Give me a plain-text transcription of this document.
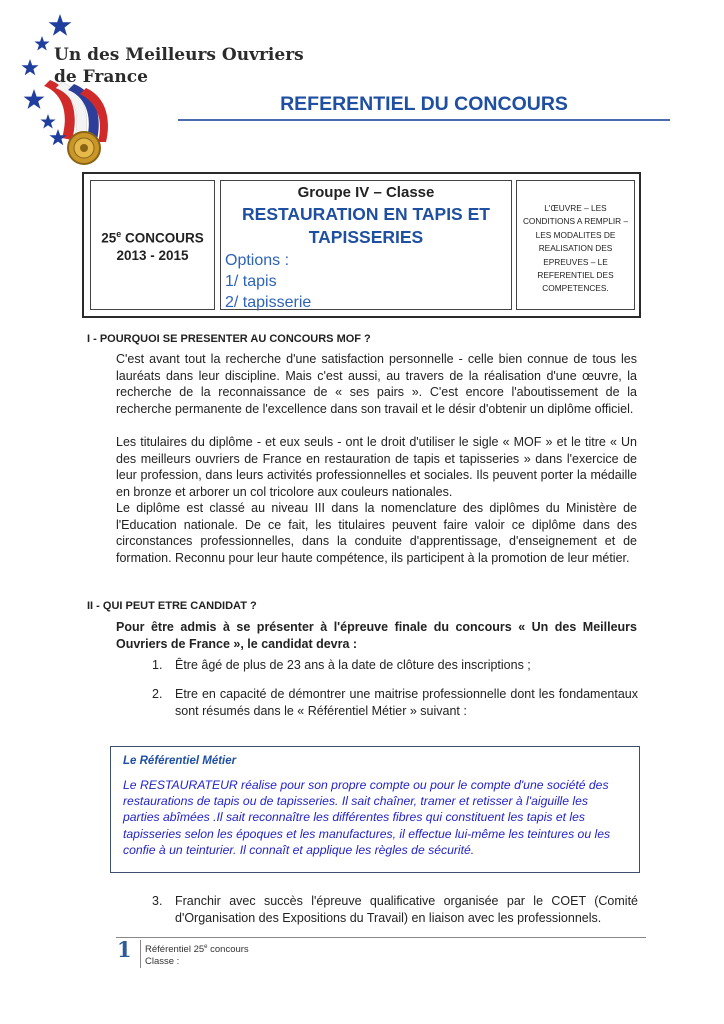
Un des Meilleurs Ouvriers
de France
REFERENTIEL DU CONCOURS
25e CONCOURS
2013 - 2015
Groupe IV – Classe
RESTAURATION EN TAPIS ET
TAPISSERIES
Options :
1/ tapis
2/ tapisserie
L'ŒUVRE – LES
CONDITIONS A REMPLIR –
LES MODALITES DE
REALISATION DES
EPREUVES – LE
REFERENTIEL DES
COMPETENCES.
I - POURQUOI SE PRESENTER AU CONCOURS MOF ?

C'est avant tout la recherche d'une satisfaction personnelle - celle bien connue de tous les lauréats dans leur discipline. Mais c'est aussi, au travers de la réalisation d'une œuvre, la recherche de la reconnaissance de « ses pairs ». C'est encore l'aboutissement de la recherche permanente de l'excellence dans son travail et le désir d'obtenir un diplôme officiel.

Les titulaires du diplôme - et eux seuls - ont le droit d'utiliser le sigle « MOF » et le titre « Un des meilleurs ouvriers de France en restauration de tapis et tapisseries » dans l'exercice de leur profession, dans leurs activités professionnelles et sociales. Ils peuvent porter la médaille en bronze et arborer un col tricolore aux couleurs nationales.

Le diplôme est classé au niveau III dans la nomenclature des diplômes du Ministère de l'Education nationale. De ce fait, les titulaires peuvent faire valoir ce diplôme dans des circonstances professionnelles, dans la conduite d'apprentissage, d'enseignement et de formation. Reconnu pour leur haute compétence, ils participent à la promotion de leur métier.

II - QUI PEUT ETRE CANDIDAT ?

Pour être admis à se présenter à l'épreuve finale du concours « Un des Meilleurs Ouvriers de France », le candidat devra :

1. Être âgé de plus de 23 ans à la date de clôture des inscriptions ;
2. Etre en capacité de démontrer une maitrise professionnelle dont les fondamentaux sont résumés dans le « Référentiel Métier » suivant :
Le Référentiel Métier
Le RESTAURATEUR réalise pour son propre compte ou pour le compte d'une société des restaurations de tapis ou de tapisseries. Il sait chaîner, tramer et retisser à l'aiguille les parties abîmées .Il sait reconnaître les différentes fibres qui constituent les tapis et les tapisseries selon les époques et les manufactures, il effectue lui-même les teintures ou les confie à un teinturier. Il connaît et applique les règles de sécurité.
3. Franchir avec succès l'épreuve qualificative organisée par le COET (Comité d'Organisation des Expositions du Travail) en liaison avec les professionnels.
1	Référentiel 25e concours
Classe :
